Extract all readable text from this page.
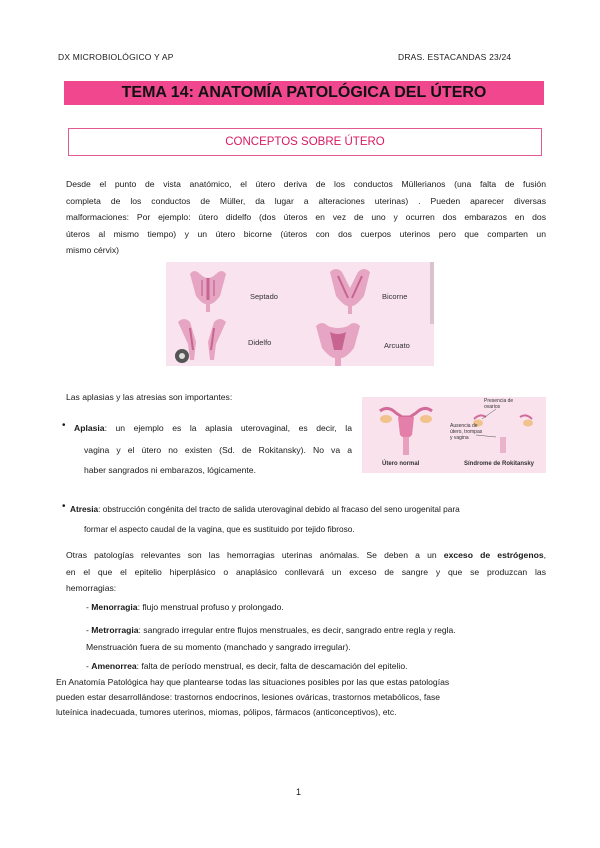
DX MICROBIOLÓGICO Y AP	DRAS. ESTACANDAS 23/24
TEMA 14: ANATOMÍA PATOLÓGICA DEL ÚTERO
CONCEPTOS SOBRE ÚTERO
Desde el punto de vista anatómico, el útero deriva de los conductos Müllerianos (una falta de fusión
completa de los conductos de Müller, da lugar a alteraciones uterinas) . Pueden aparecer diversas
malformaciones: Por ejemplo: útero didelfo (dos úteros en vez de uno y ocurren dos embarazos en dos
úteros al mismo tiempo) y un útero bicorne (úteros con dos cuerpos uterinos pero que comparten un
mismo cérvix)
Septado	Bicorne
Didelfo	Arcuato
Las aplasias y las atresias son importantes:
• Aplasia: un ejemplo es la aplasia uterovaginal, es decir, la
vagina y el útero no existen (Sd. de Rokitansky). No va a
haber sangrados ni embarazos, lógicamente.
Presencia de ovarios
Ausencia de útero, trompas y vagina
Útero normal	Síndrome de Rokitansky
• Atresia: obstrucción congénita del tracto de salida uterovaginal debido al fracaso del seno urogenital para
formar el aspecto caudal de la vagina, que es sustituido por tejido fibroso.
Otras patologías relevantes son las hemorragias uterinas anómalas. Se deben a un exceso de estrógenos,
en el que el epitelio hiperplásico o anaplásico conllevará un exceso de sangre y que se produzcan las
hemorragias:
- Menorragia: flujo menstrual profuso y prolongado.
- Metrorragia: sangrado irregular entre flujos menstruales, es decir, sangrado entre regla y regla.
Menstruación fuera de su momento (manchado y sangrado irregular).
- Amenorrea: falta de período menstrual, es decir, falta de descamación del epitelio.
En Anatomía Patológica hay que plantearse todas las situaciones posibles por las que estas patologías
pueden estar desarrollándose: trastornos endocrinos, lesiones ováricas, trastornos metabólicos, fase
luteínica inadecuada, tumores uterinos, miomas, pólipos, fármacos (anticonceptivos), etc.
1
